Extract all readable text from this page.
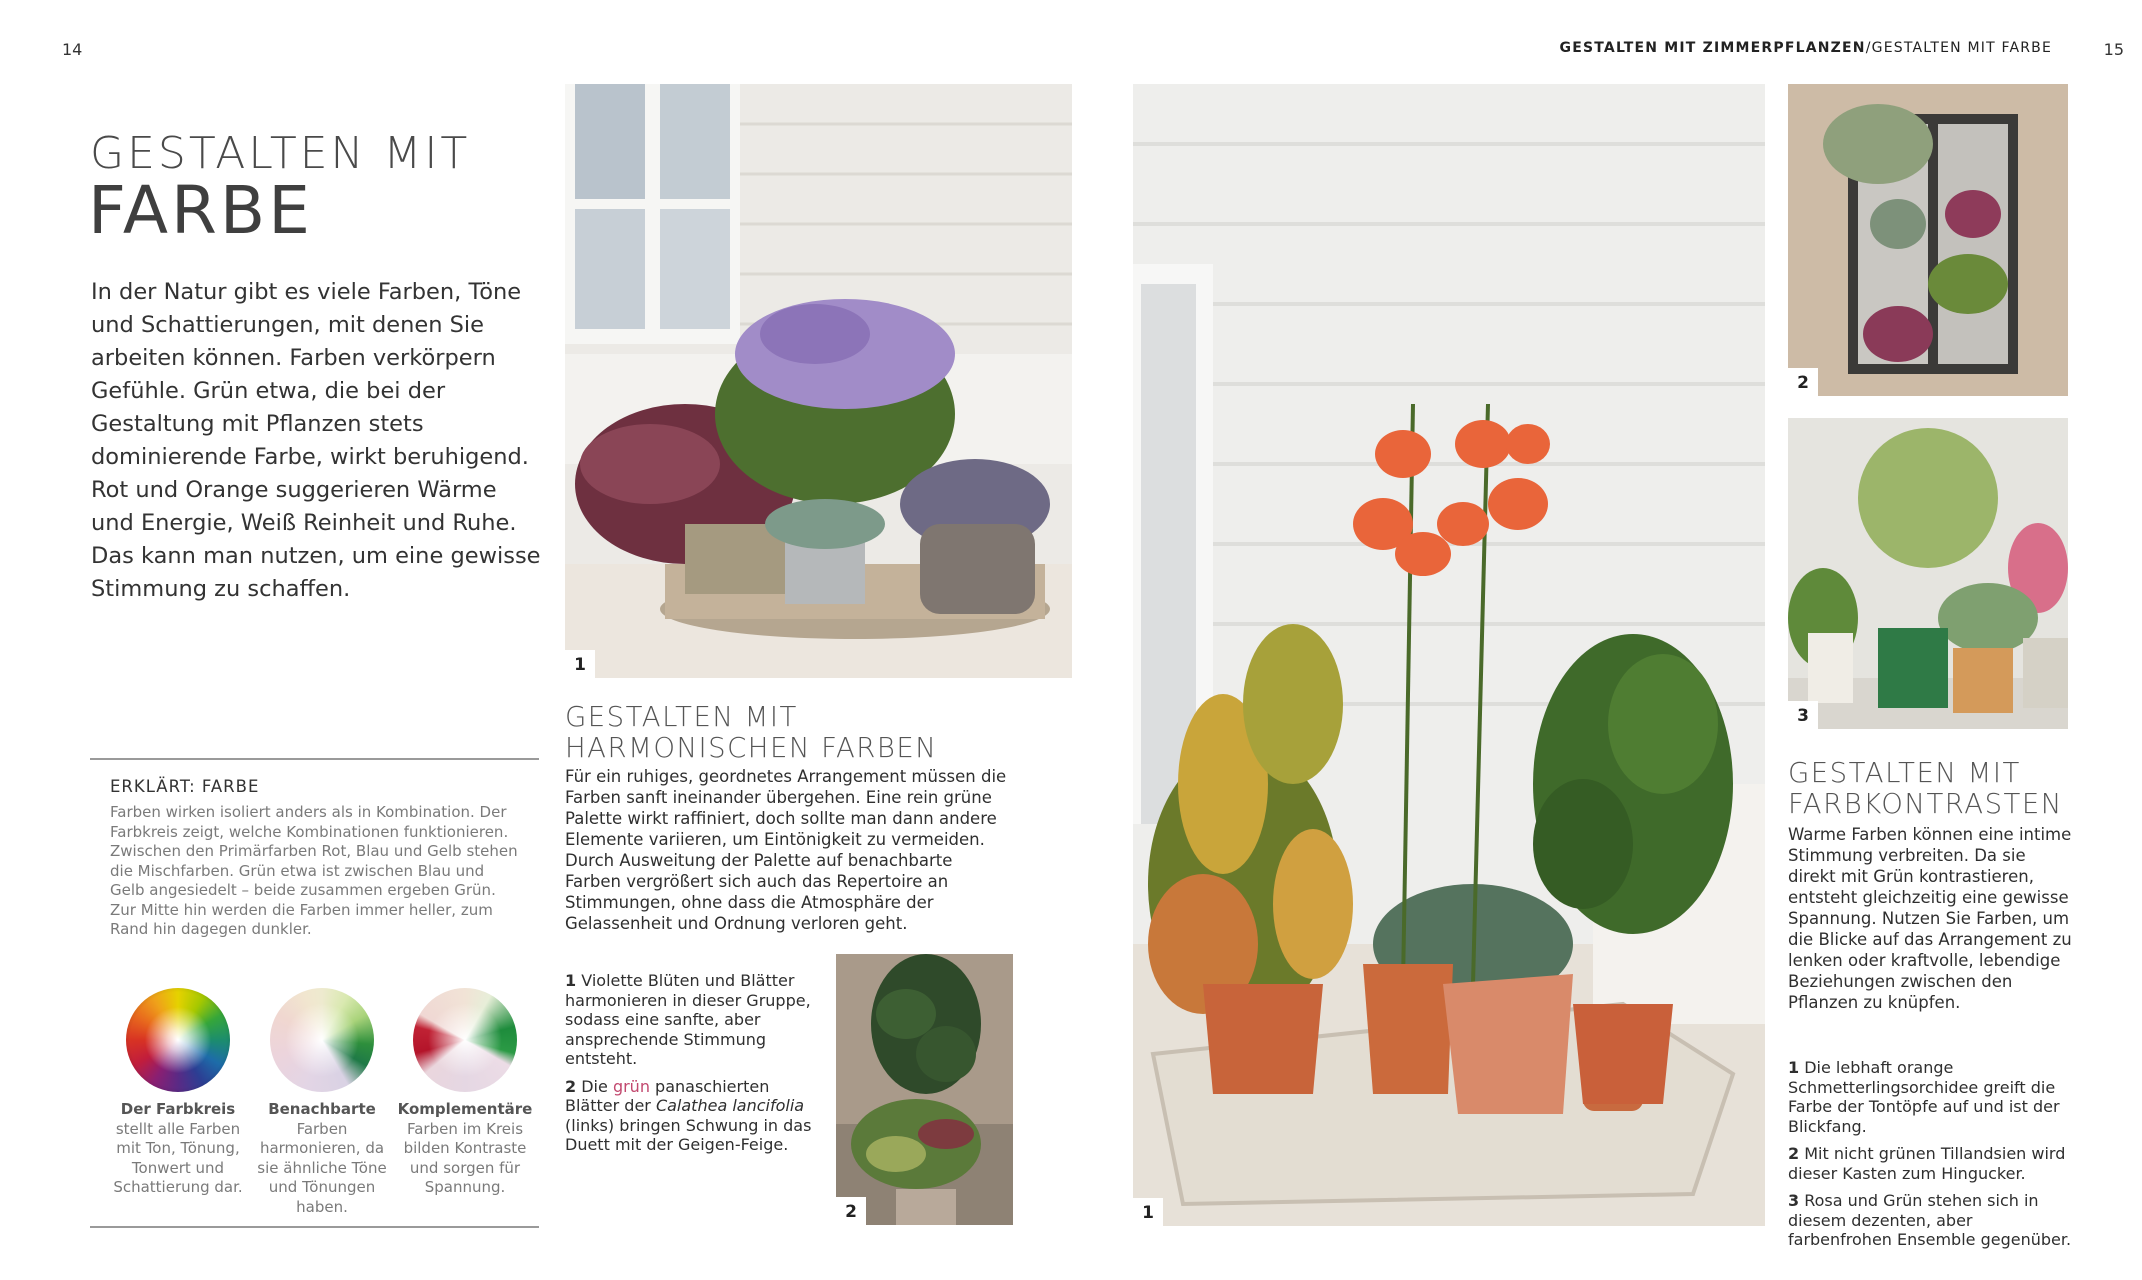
14	15
GESTALTEN MIT ZIMMERPFLANZEN/GESTALTEN MIT FARBE
GESTALTEN MIT
FARBE
In der Natur gibt es viele Farben, Töne und Schattierungen, mit denen Sie arbeiten können. Farben verkörpern Gefühle. Grün etwa, die bei der Gestaltung mit Pflanzen stets dominierende Farbe, wirkt beruhigend. Rot und Orange suggerieren Wärme und Energie, Weiß Reinheit und Ruhe. Das kann man nutzen, um eine gewisse Stimmung zu schaffen.
ERKLÄRT: FARBE
Farben wirken isoliert anders als in Kombination. Der Farbkreis zeigt, welche Kombinationen funktionieren. Zwischen den Primärfarben Rot, Blau und Gelb stehen die Mischfarben. Grün etwa ist zwischen Blau und Gelb angesiedelt – beide zusammen ergeben Grün. Zur Mitte hin werden die Farben immer heller, zum Rand hin dagegen dunkler.
Der Farbkreis
stellt alle Farben mit Ton, Tönung, Tonwert und Schattierung dar.
Benachbarte
Farben harmonieren, da sie ähnliche Töne und Tönungen haben.
Komplementäre
Farben im Kreis bilden Kontraste und sorgen für Spannung.
1
GESTALTEN MIT
HARMONISCHEN FARBEN
Für ein ruhiges, geordnetes Arrangement müssen die Farben sanft ineinander übergehen. Eine rein grüne Palette wirkt raffiniert, doch sollte man dann andere Elemente variieren, um Eintönigkeit zu vermeiden. Durch Ausweitung der Palette auf benachbarte Farben vergrößert sich auch das Repertoire an Stimmungen, ohne dass die Atmosphäre der Gelassenheit und Ordnung verloren geht.

1 Violette Blüten und Blätter harmonieren in dieser Gruppe, sodass eine sanfte, aber ansprechende Stimmung entsteht.

2 Die grün panaschierten Blätter der Calathea lancifolia (links) bringen Schwung in das Duett mit der Geigen-Feige.

2	1
2
3
GESTALTEN MIT
FARBKONTRASTEN
Warme Farben können eine intime Stimmung verbreiten. Da sie direkt mit Grün kontrastieren, entsteht gleichzeitig eine gewisse Spannung. Nutzen Sie Farben, um die Blicke auf das Arrangement zu lenken oder kraftvolle, lebendige Beziehungen zwischen den Pflanzen zu knüpfen.

1 Die lebhaft orange Schmetterlingsorchidee greift die Farbe der Tontöpfe auf und ist der Blickfang.

2 Mit nicht grünen Tillandsien wird dieser Kasten zum Hingucker.

3 Rosa und Grün stehen sich in diesem dezenten, aber farbenfrohen Ensemble gegenüber.
